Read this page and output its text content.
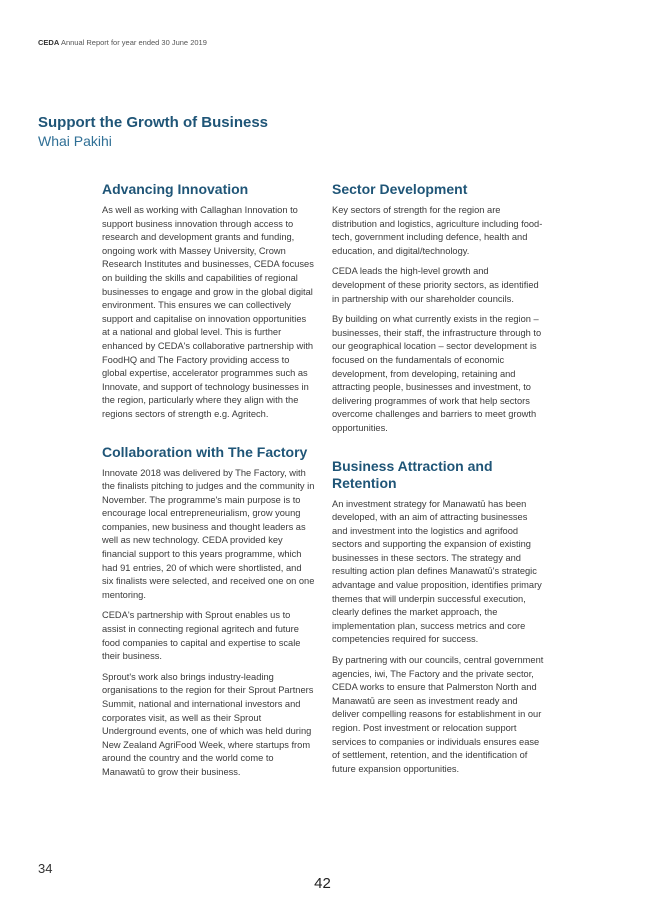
CEDA Annual Report for year ended 30 June 2019
Support the Growth of Business
Whai Pakihi
Advancing Innovation

As well as working with Callaghan Innovation to support business innovation through access to research and development grants and funding, ongoing work with Massey University, Crown Research Institutes and businesses, CEDA focuses on building the skills and capabilities of regional businesses to engage and grow in the global digital environment. This ensures we can collectively support and capitalise on innovation opportunities at a national and global level. This is further enhanced by CEDA's collaborative partnership with FoodHQ and The Factory providing access to global expertise, accelerator programmes such as Innovate, and support of technology businesses in the region, particularly where they align with the regions sectors of strength e.g. Agritech.

Collaboration with The Factory

Innovate 2018 was delivered by The Factory, with the finalists pitching to judges and the community in November. The programme's main purpose is to encourage local entrepreneurialism, grow young companies, new business and thought leaders as well as new technology. CEDA provided key financial support to this years programme, which had 91 entries, 20 of which were shortlisted, and six finalists were selected, and received one on one mentoring.

CEDA's partnership with Sprout enables us to assist in connecting regional agritech and future food companies to capital and expertise to scale their business.

Sprout's work also brings industry-leading organisations to the region for their Sprout Partners Summit, national and international investors and corporates visit, as well as their Sprout Underground events, one of which was held during New Zealand AgriFood Week, where startups from around the country and the world come to Manawatū to grow their business.

Sector Development

Key sectors of strength for the region are distribution and logistics, agriculture including food-tech, government including defence, health and education, and digital/technology.

CEDA leads the high-level growth and development of these priority sectors, as identified in partnership with our shareholder councils.

By building on what currently exists in the region – businesses, their staff, the infrastructure through to our geographical location – sector development is focused on the fundamentals of economic development, from developing, retaining and attracting people, businesses and investment, to delivering programmes of work that help sectors overcome challenges and barriers to meet growth opportunities.

Business Attraction and Retention

An investment strategy for Manawatū has been developed, with an aim of attracting businesses and investment into the logistics and agrifood sectors and supporting the expansion of existing businesses in these sectors. The strategy and resulting action plan defines Manawatū's strategic advantage and value proposition, identifies primary themes that will underpin successful execution, clearly defines the market approach, the implementation plan, success metrics and core competencies required for success.

By partnering with our councils, central government agencies, iwi, The Factory and the private sector, CEDA works to ensure that Palmerston North and Manawatū are seen as investment ready and deliver compelling reasons for establishment in our region. Post investment or relocation support services to companies or individuals ensures ease of settlement, retention, and the identification of future expansion opportunities.

34
42
